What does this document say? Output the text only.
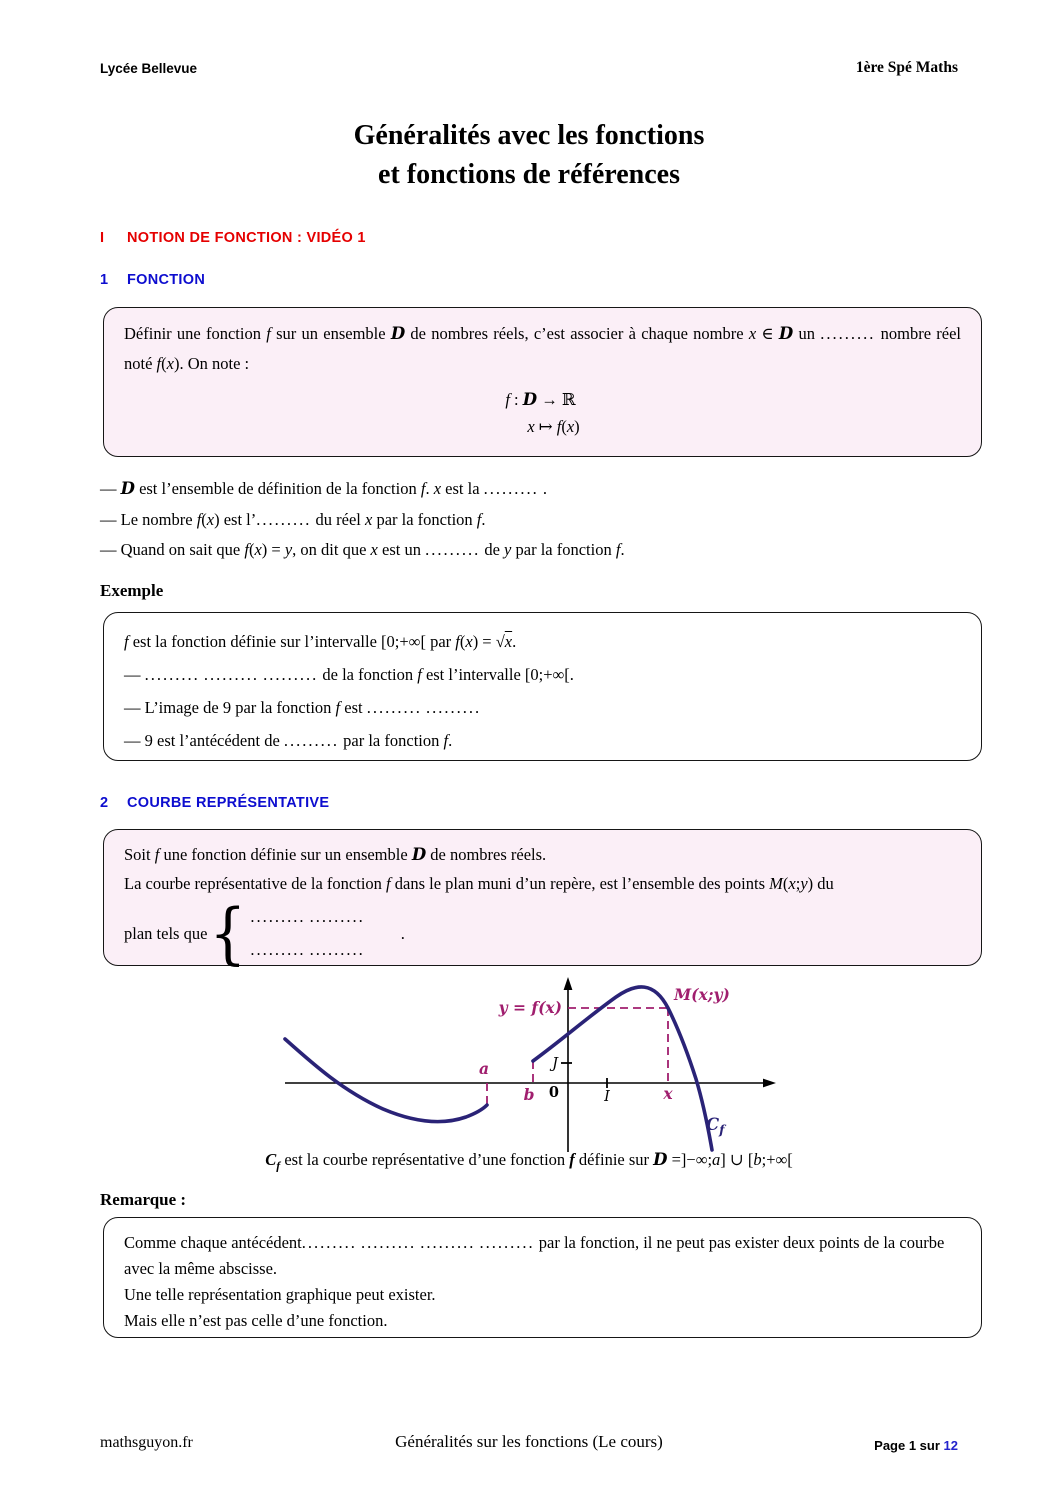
Lycée Bellevue	1ère Spé Maths
Généralités avec les fonctions
et fonctions de références
I	NOTION DE FONCTION : VIDÉO 1
1	FONCTION
Définir une fonction f sur un ensemble D de nombres réels, c’est associer à chaque nombre x ∈ D un ......... nombre réel noté f(x). On note :
f : D → ℝ
x ↦ f(x)
— D est l’ensemble de définition de la fonction f. x est la ......... .
— Le nombre f(x) est l’......... du réel x par la fonction f.
— Quand on sait que f(x) = y, on dit que x est un ......... de y par la fonction f.
Exemple
f est la fonction définie sur l’intervalle [0;+∞[ par f(x) = √x.
— ......... ......... ......... de la fonction f est l’intervalle [0;+∞[.
— L’image de 9 par la fonction f est ......... .........
— 9 est l’antécédent de ......... par la fonction f.
2	COURBE REPRÉSENTATIVE
Soit f une fonction définie sur un ensemble D de nombres réels.
La courbe représentative de la fonction f dans le plan muni d’un repère, est l’ensemble des points M(x;y) du
plan tels que { ......... .........
......... .........
.
y = f(x)
M(x;y)
a
b 0	I
J
x
$C_f$
$C_f$ est la courbe représentative d’une fonction f définie sur D =]−∞;a] ∪ [b;+∞[
Remarque :
Comme chaque antécédent......... ......... ......... ......... par la fonction, il ne peut pas exister deux points de la courbe avec la même abscisse.
Une telle représentation graphique peut exister.
Mais elle n’est pas celle d’une fonction.
mathsguyon.fr	Généralités sur les fonctions (Le cours)	Page 1 sur 12
